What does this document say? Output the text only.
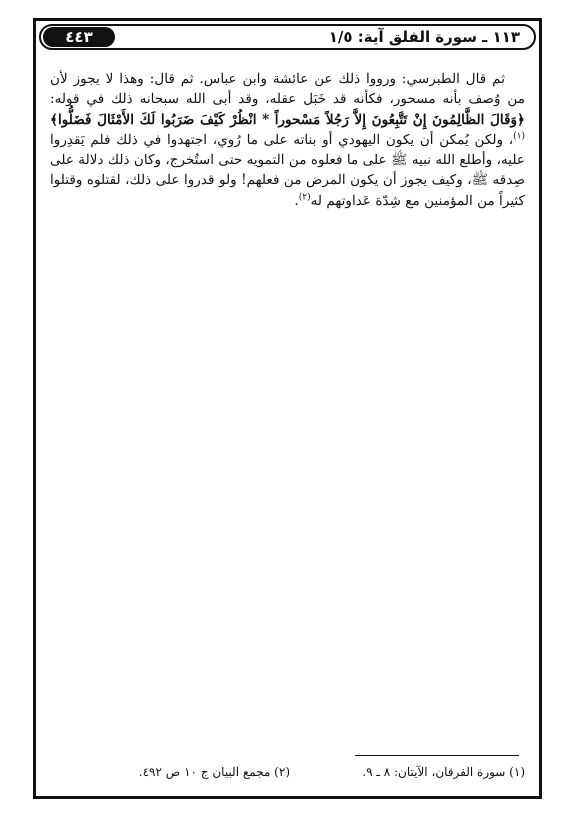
٤٤٣	١١٣ ـ سورة الفلق آية: ١/٥

ثم قال الطبرسي: ورووا ذلك عن عائشة وابن عباس. ثم قال: وهذا لا يجوز لأن من وُصف بأنه مسحور، فكأنه قد خَبَل عقله، وقد أبى الله سبحانه ذلك في قوله: ﴿وَقَالَ الظَّالِمُونَ إِنْ تَتَّبِعُونَ إِلاَّ رَجُلاً مَسْحوراً * انْظُرْ كَيْفَ ضَرَبُوا لَكَ الأَمْثَالَ فَضَلُّوا﴾$^{(١)}$، ولكن يُمكن أن يكون اليهودي أو بناته على ما رُوي، اجتهدوا في ذلك فلم يَقدِروا عليه، وأطلع الله نبيه ﷺ على ما فعلوه من التمويه حتى استُخرج، وكان ذلك دلالة على صِدقه ﷺ، وكيف يجوز أن يكون المرض من فعلهم! ولو قدروا على ذلك، لقتلوه وقتلوا كثيراً من المؤمنين مع شِدّة عَداوتهم له$^{(٢)}$.

(١) سورة الفرقان، الآيتان: ٨ ـ ٩.
(٢) مجمع البيان ج ١٠ ص ٤٩٢.
